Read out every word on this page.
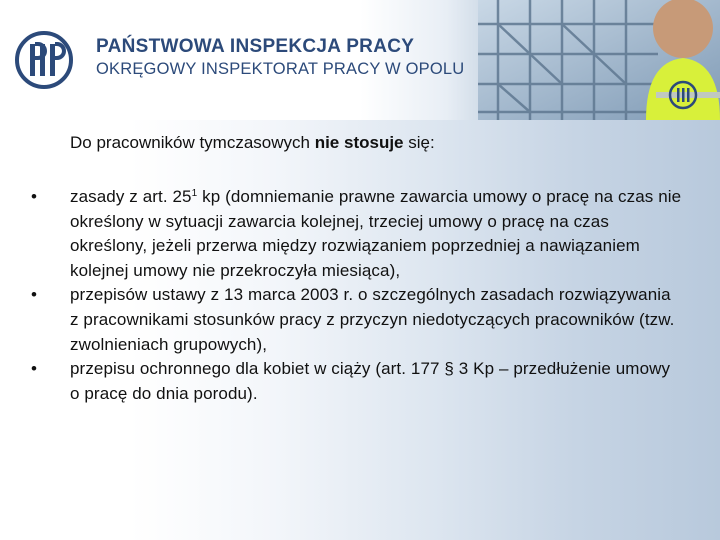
PAŃSTWOWA INSPEKCJA PRACY
OKRĘGOWY INSPEKTORAT PRACY W OPOLU
Do pracowników tymczasowych nie stosuje się:
•	zasady z art. $25^1$ kp (domniemanie prawne zawarcia umowy o pracę na czas nie określony w sytuacji zawarcia kolejnej, trzeciej umowy o pracę na czas określony, jeżeli przerwa między rozwiązaniem poprzedniej a nawiązaniem kolejnej umowy nie przekroczyła miesiąca),
•	przepisów ustawy z 13 marca 2003 r. o szczególnych zasadach rozwiązywania z pracownikami stosunków pracy z przyczyn niedotyczących pracowników (tzw. zwolnieniach grupowych),
•	przepisu ochronnego dla kobiet w ciąży (art. 177 § 3 Kp – przedłużenie umowy o pracę do dnia porodu).
